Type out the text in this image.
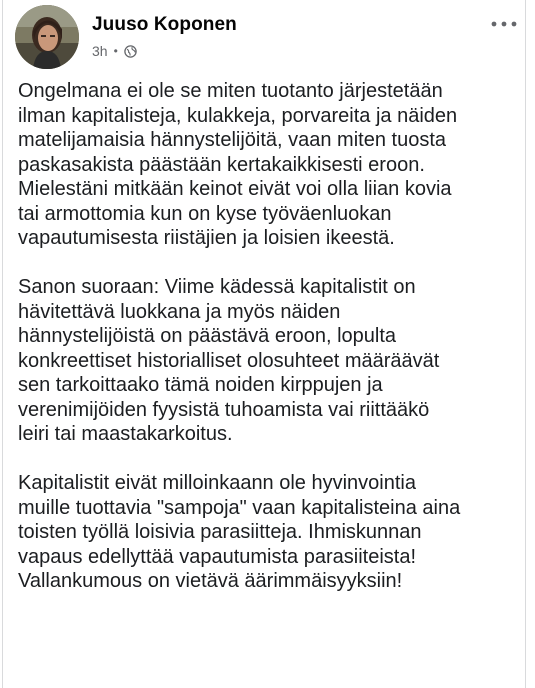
Juuso Koponen
3h •

Ongelmana ei ole se miten tuotanto järjestetään
ilman kapitalisteja, kulakkeja, porvareita ja näiden
matelijamaisia hännystelijöitä, vaan miten tuosta
paskasakista päästään kertakaikkisesti eroon.
Mielestäni mitkään keinot eivät voi olla liian kovia
tai armottomia kun on kyse työväenluokan
vapautumisesta riistäjien ja loisien ikeestä.

Sanon suoraan: Viime kädessä kapitalistit on
hävitettävä luokkana ja myös näiden
hännystelijöistä on päästävä eroon, lopulta
konkreettiset historialliset olosuhteet määräävät
sen tarkoittaako tämä noiden kirppujen ja
verenimijöiden fyysistä tuhoamista vai riittääkö
leiri tai maastakarkoitus.

Kapitalistit eivät milloinkaann ole hyvinvointia
muille tuottavia "sampoja" vaan kapitalisteina aina
toisten työllä loisivia parasiitteja. Ihmiskunnan
vapaus edellyttää vapautumista parasiiteista!
Vallankumous on vietävä äärimmäisyyksiin!
